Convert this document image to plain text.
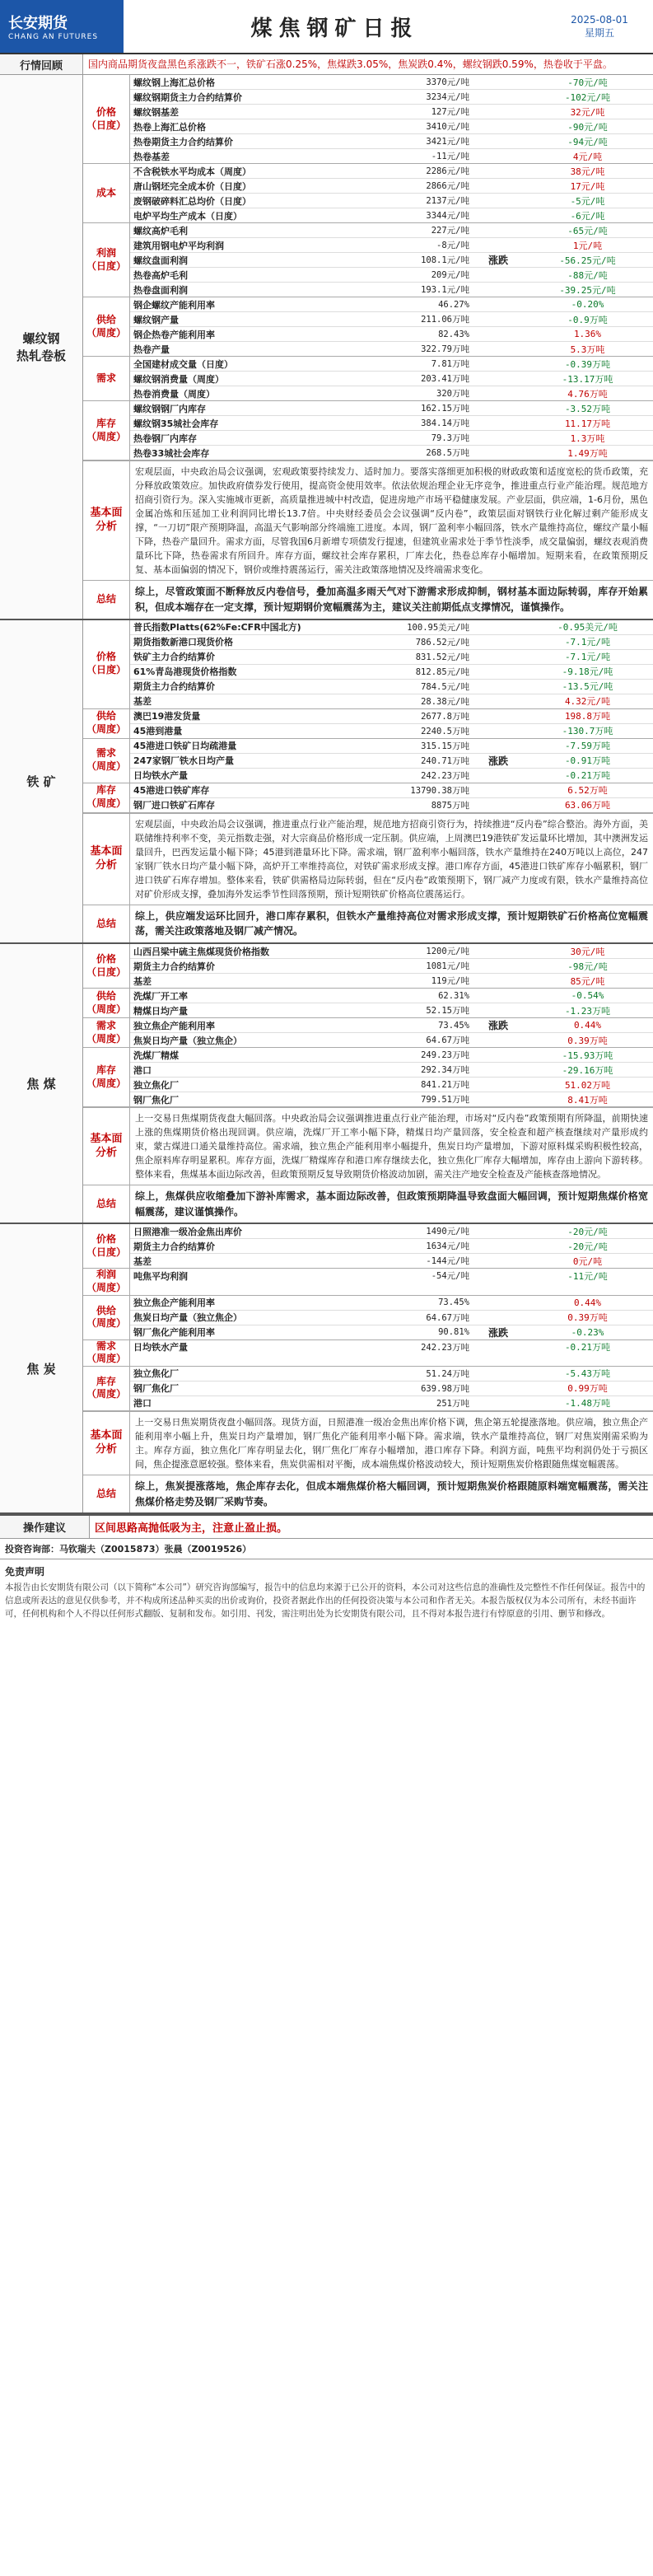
长安期货
CHANG AN FUTURES	煤焦钢矿日报	2025-08-01
星期五
行情回顾	国内商品期货夜盘黑色系涨跌不一，铁矿石涨0.25%，焦煤跌3.05%，焦炭跌0.4%，螺纹钢跌0.59%，热卷收于平盘。
螺纹钢
热轧卷板
价格
（日度）
螺纹钢上海汇总价格	3370元/吨	-70元/吨
螺纹钢期货主力合约结算价	3234元/吨	-102元/吨
螺纹钢基差	127元/吨	32元/吨
热卷上海汇总价格	3410元/吨	-90元/吨
热卷期货主力合约结算价	3421元/吨	-94元/吨
热卷基差	-11元/吨	4元/吨
成本
不含税铁水平均成本（周度）	2286元/吨	38元/吨
唐山钢坯完全成本价（日度）	2866元/吨	17元/吨
废钢破碎料汇总均价（日度）	2137元/吨	-5元/吨
电炉平均生产成本（日度）	3344元/吨	-6元/吨
利润
（日度）
螺纹高炉毛利	227元/吨	-65元/吨
建筑用钢电炉平均利润	-8元/吨	1元/吨
螺纹盘面利润	108.1元/吨	涨跌	-56.25元/吨
热卷高炉毛利	209元/吨	-88元/吨
热卷盘面利润	193.1元/吨	-39.25元/吨
供给
（周度）
钢企螺纹产能利用率	46.27%	-0.20%
螺纹钢产量	211.06万吨	-0.9万吨
钢企热卷产能利用率	82.43%	1.36%
热卷产量	322.79万吨	5.3万吨
需求
全国建材成交量（日度）	7.81万吨	-0.39万吨
螺纹钢消费量（周度）	203.41万吨	-13.17万吨
热卷消费量（周度）	320万吨	4.76万吨
库存
（周度）
螺纹钢钢厂内库存	162.15万吨	-3.52万吨
螺纹钢35城社会库存	384.14万吨	11.17万吨
热卷钢厂内库存	79.3万吨	1.3万吨
热卷33城社会库存	268.5万吨	1.49万吨
基本面
分析
宏观层面，中央政治局会议强调，宏观政策要持续发力、适时加力。要落实落细更加积极的财政政策和适度宽松的货币政策，充分释放政策效应。加快政府债券发行使用，提高资金使用效率。依法依规治理企业无序竞争，推进重点行业产能治理。规范地方招商引资行为。深入实施城市更新，高质量推进城中村改造，促进房地产市场平稳健康发展。产业层面，供应端，1-6月份，黑色金属冶炼和压延加工业利润同比增长13.7倍。中央财经委员会会议强调“反内卷”，政策层面对钢铁行业化解过剩产能形成支撑，“一刀切”限产预期降温，高温天气影响部分终端施工进度。本周，钢厂盈利率小幅回落，铁水产量维持高位，螺纹产量小幅下降，热卷产量回升。需求方面，尽管我国6月新增专项债发行提速，但建筑业需求处于季节性淡季，成交量偏弱，螺纹表观消费量环比下降，热卷需求有所回升。库存方面，螺纹社会库存累积，厂库去化，热卷总库存小幅增加。短期来看，在政策预期反复、基本面偏弱的情况下，钢价或维持震荡运行，需关注政策落地情况及终端需求变化。
总结
综上，尽管政策面不断释放反内卷信号，叠加高温多雨天气对下游需求形成抑制，钢材基本面边际转弱，库存开始累积，但成本端存在一定支撑，预计短期钢价宽幅震荡为主，建议关注前期低点支撑情况，谨慎操作。
铁 矿
价格
（日度）
普氏指数Platts(62%Fe:CFR中国北方)	100.95美元/吨	-0.95美元/吨
期货指数新港口现货价格	786.52元/吨	-7.1元/吨
铁矿主力合约结算价	831.52元/吨	-7.1元/吨
61%青岛港现货价格指数	812.85元/吨	-9.18元/吨
期货主力合约结算价	784.5元/吨	-13.5元/吨
基差	28.38元/吨	4.32元/吨
供给
（周度）
澳巴19港发货量	2677.8万吨	198.8万吨
45港到港量	2240.5万吨	-130.7万吨
需求
（周度）
45港进口铁矿日均疏港量	315.15万吨	-7.59万吨
247家钢厂铁水日均产量	240.71万吨	涨跌	-0.91万吨
日均铁水产量	242.23万吨	-0.21万吨
库存
（周度）
45港进口铁矿库存	13790.38万吨	6.52万吨
钢厂进口铁矿石库存	8875万吨	63.06万吨
基本面
分析
宏观层面，中央政治局会议强调，推进重点行业产能治理，规范地方招商引资行为，持续推进“反内卷”综合整治。海外方面，美联储维持利率不变，美元指数走强，对大宗商品价格形成一定压制。供应端，上周澳巴19港铁矿发运量环比增加，其中澳洲发运量回升，巴西发运量小幅下降；45港到港量环比下降。需求端，钢厂盈利率小幅回落，铁水产量维持在240万吨以上高位，247家钢厂铁水日均产量小幅下降，高炉开工率维持高位，对铁矿需求形成支撑。港口库存方面，45港进口铁矿库存小幅累积，钢厂进口铁矿石库存增加。整体来看，铁矿供需格局边际转弱，但在“反内卷”政策预期下，钢厂减产力度或有限，铁水产量维持高位对矿价形成支撑，叠加海外发运季节性回落预期，预计短期铁矿价格高位震荡运行。
总结
综上，供应端发运环比回升，港口库存累积，但铁水产量维持高位对需求形成支撑，预计短期铁矿石价格高位宽幅震荡，需关注政策落地及钢厂减产情况。
焦 煤
价格
（日度）
山西吕梁中硫主焦煤现货价格指数	1200元/吨	30元/吨
期货主力合约结算价	1081元/吨	-98元/吨
基差	119元/吨	85元/吨
供给
（周度）
洗煤厂开工率	62.31%	-0.54%
精煤日均产量	52.15万吨	-1.23万吨
需求
（周度）
独立焦企产能利用率	73.45%	涨跌	0.44%
焦炭日均产量（独立焦企）	64.67万吨	0.39万吨
库存
（周度）
洗煤厂精煤	249.23万吨	-15.93万吨
港口	292.34万吨	-29.16万吨
独立焦化厂	841.21万吨	51.02万吨
钢厂焦化厂	799.51万吨	8.41万吨
基本面
分析
上一交易日焦煤期货夜盘大幅回落。中央政治局会议强调推进重点行业产能治理，市场对“反内卷”政策预期有所降温，前期快速上涨的焦煤期货价格出现回调。供应端，洗煤厂开工率小幅下降，精煤日均产量回落，安全检查和超产核查继续对产量形成约束，蒙古煤进口通关量维持高位。需求端，独立焦企产能利用率小幅提升，焦炭日均产量增加，下游对原料煤采购积极性较高，焦企原料库存明显累积。库存方面，洗煤厂精煤库存和港口库存继续去化，独立焦化厂库存大幅增加，库存由上游向下游转移。整体来看，焦煤基本面边际改善，但政策预期反复导致期货价格波动加剧，需关注产地安全检查及产能核查落地情况。
总结
综上，焦煤供应收缩叠加下游补库需求，基本面边际改善，但政策预期降温导致盘面大幅回调，预计短期焦煤价格宽幅震荡，建议谨慎操作。
焦 炭
价格
（日度）
日照港准一级冶金焦出库价	1490元/吨	-20元/吨
期货主力合约结算价	1634元/吨	-20元/吨
基差	-144元/吨	0元/吨
利润
（周度）
吨焦平均利润	-54元/吨	-11元/吨
供给
（周度）
独立焦企产能利用率	73.45%	0.44%
焦炭日均产量（独立焦企）	64.67万吨	0.39万吨
钢厂焦化产能利用率	90.81%	涨跌	-0.23%
需求
（周度）
日均铁水产量	242.23万吨	-0.21万吨
库存
（周度）
独立焦化厂	51.24万吨	-5.43万吨
钢厂焦化厂	639.98万吨	0.99万吨
港口	251万吨	-1.48万吨
基本面
分析
上一交易日焦炭期货夜盘小幅回落。现货方面，日照港准一级冶金焦出库价格下调，焦企第五轮提涨落地。供应端，独立焦企产能利用率小幅上升，焦炭日均产量增加，钢厂焦化产能利用率小幅下降。需求端，铁水产量维持高位，钢厂对焦炭刚需采购为主。库存方面，独立焦化厂库存明显去化，钢厂焦化厂库存小幅增加，港口库存下降。利润方面，吨焦平均利润仍处于亏损区间，焦企提涨意愿较强。整体来看，焦炭供需相对平衡，成本端焦煤价格波动较大，预计短期焦炭价格跟随焦煤宽幅震荡。
总结
综上，焦炭提涨落地，焦企库存去化，但成本端焦煤价格大幅回调，预计短期焦炭价格跟随原料端宽幅震荡，需关注焦煤价格走势及钢厂采购节奏。
操作建议	区间思路高抛低吸为主，注意止盈止损。
投资咨询部：马钦瑞夫（Z0015873）张晨（Z0019526）
免责声明
本报告由长安期货有限公司（以下简称“本公司”）研究咨询部编写，报告中的信息均来源于已公开的资料，本公司对这些信息的准确性及完整性不作任何保证。报告中的信息或所表达的意见仅供参考，并不构成所述品种买卖的出价或询价，投资者据此作出的任何投资决策与本公司和作者无关。本报告版权仅为本公司所有，未经书面许可，任何机构和个人不得以任何形式翻版、复制和发布。如引用、刊发，需注明出处为长安期货有限公司，且不得对本报告进行有悖原意的引用、删节和修改。
